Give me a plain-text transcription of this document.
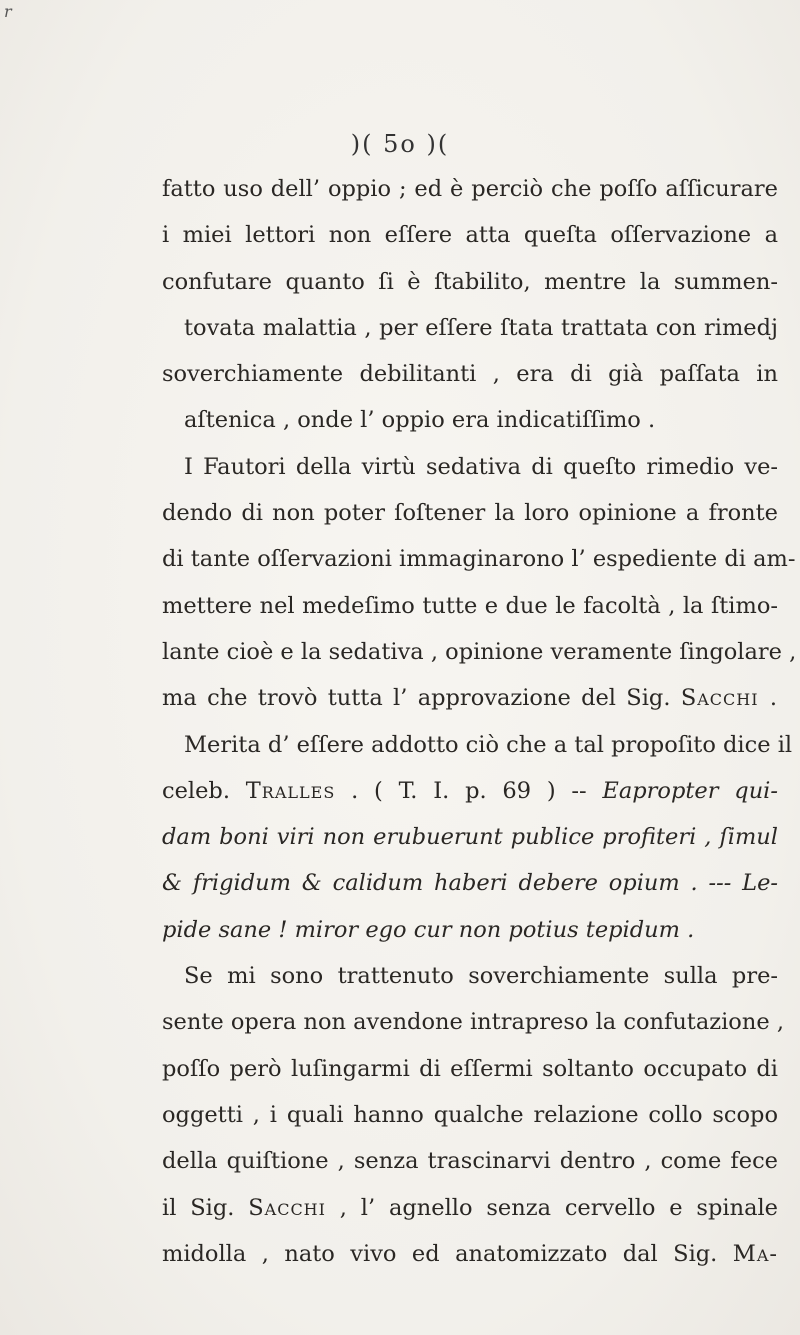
r
)( 5o )(
fatto uso dell’ oppio ; ed è perciò che poſſo aſſicurare
i miei lettori non eſſere atta queſta oſſervazione a
confutare quanto ſi è ſtabilito, mentre la summen-
tovata malattia , per eſſere ſtata trattata con rimedj
soverchiamente debilitanti , era di già paſſata in
aſtenica , onde l’ oppio era indicatiſſimo .
I Fautori della virtù sedativa di queſto rimedio ve-
dendo di non poter ſoſtener la loro opinione a fronte
di tante oſſervazioni immaginarono l’ espediente di am-
mettere nel medeſimo tutte e due le facoltà , la ſtimo-
lante cioè e la sedativa , opinione veramente ſingolare ,
ma che trovò tutta l’ approvazione del Sig. Sacchi .
Merita d’ eſſere addotto ciò che a tal propoſito dice il
celeb. Tralles . ( T. I. p. 69 ) -- Eapropter qui-
dam boni viri non erubuerunt publice profiteri , ſimul
& frigidum & calidum haberi debere opium . --- Le-
pide sane ! miror ego cur non potius tepidum .
Se mi sono trattenuto soverchiamente sulla pre-
sente opera non avendone intrapreso la confutazione ,
poſſo però luſingarmi di eſſermi soltanto occupato di
oggetti , i quali hanno qualche relazione collo scopo
della quiſtione , senza trascinarvi dentro , come fece
il Sig. Sacchi , l’ agnello senza cervello e spinale
midolla , nato vivo ed anatomizzato dal Sig. Ma-
